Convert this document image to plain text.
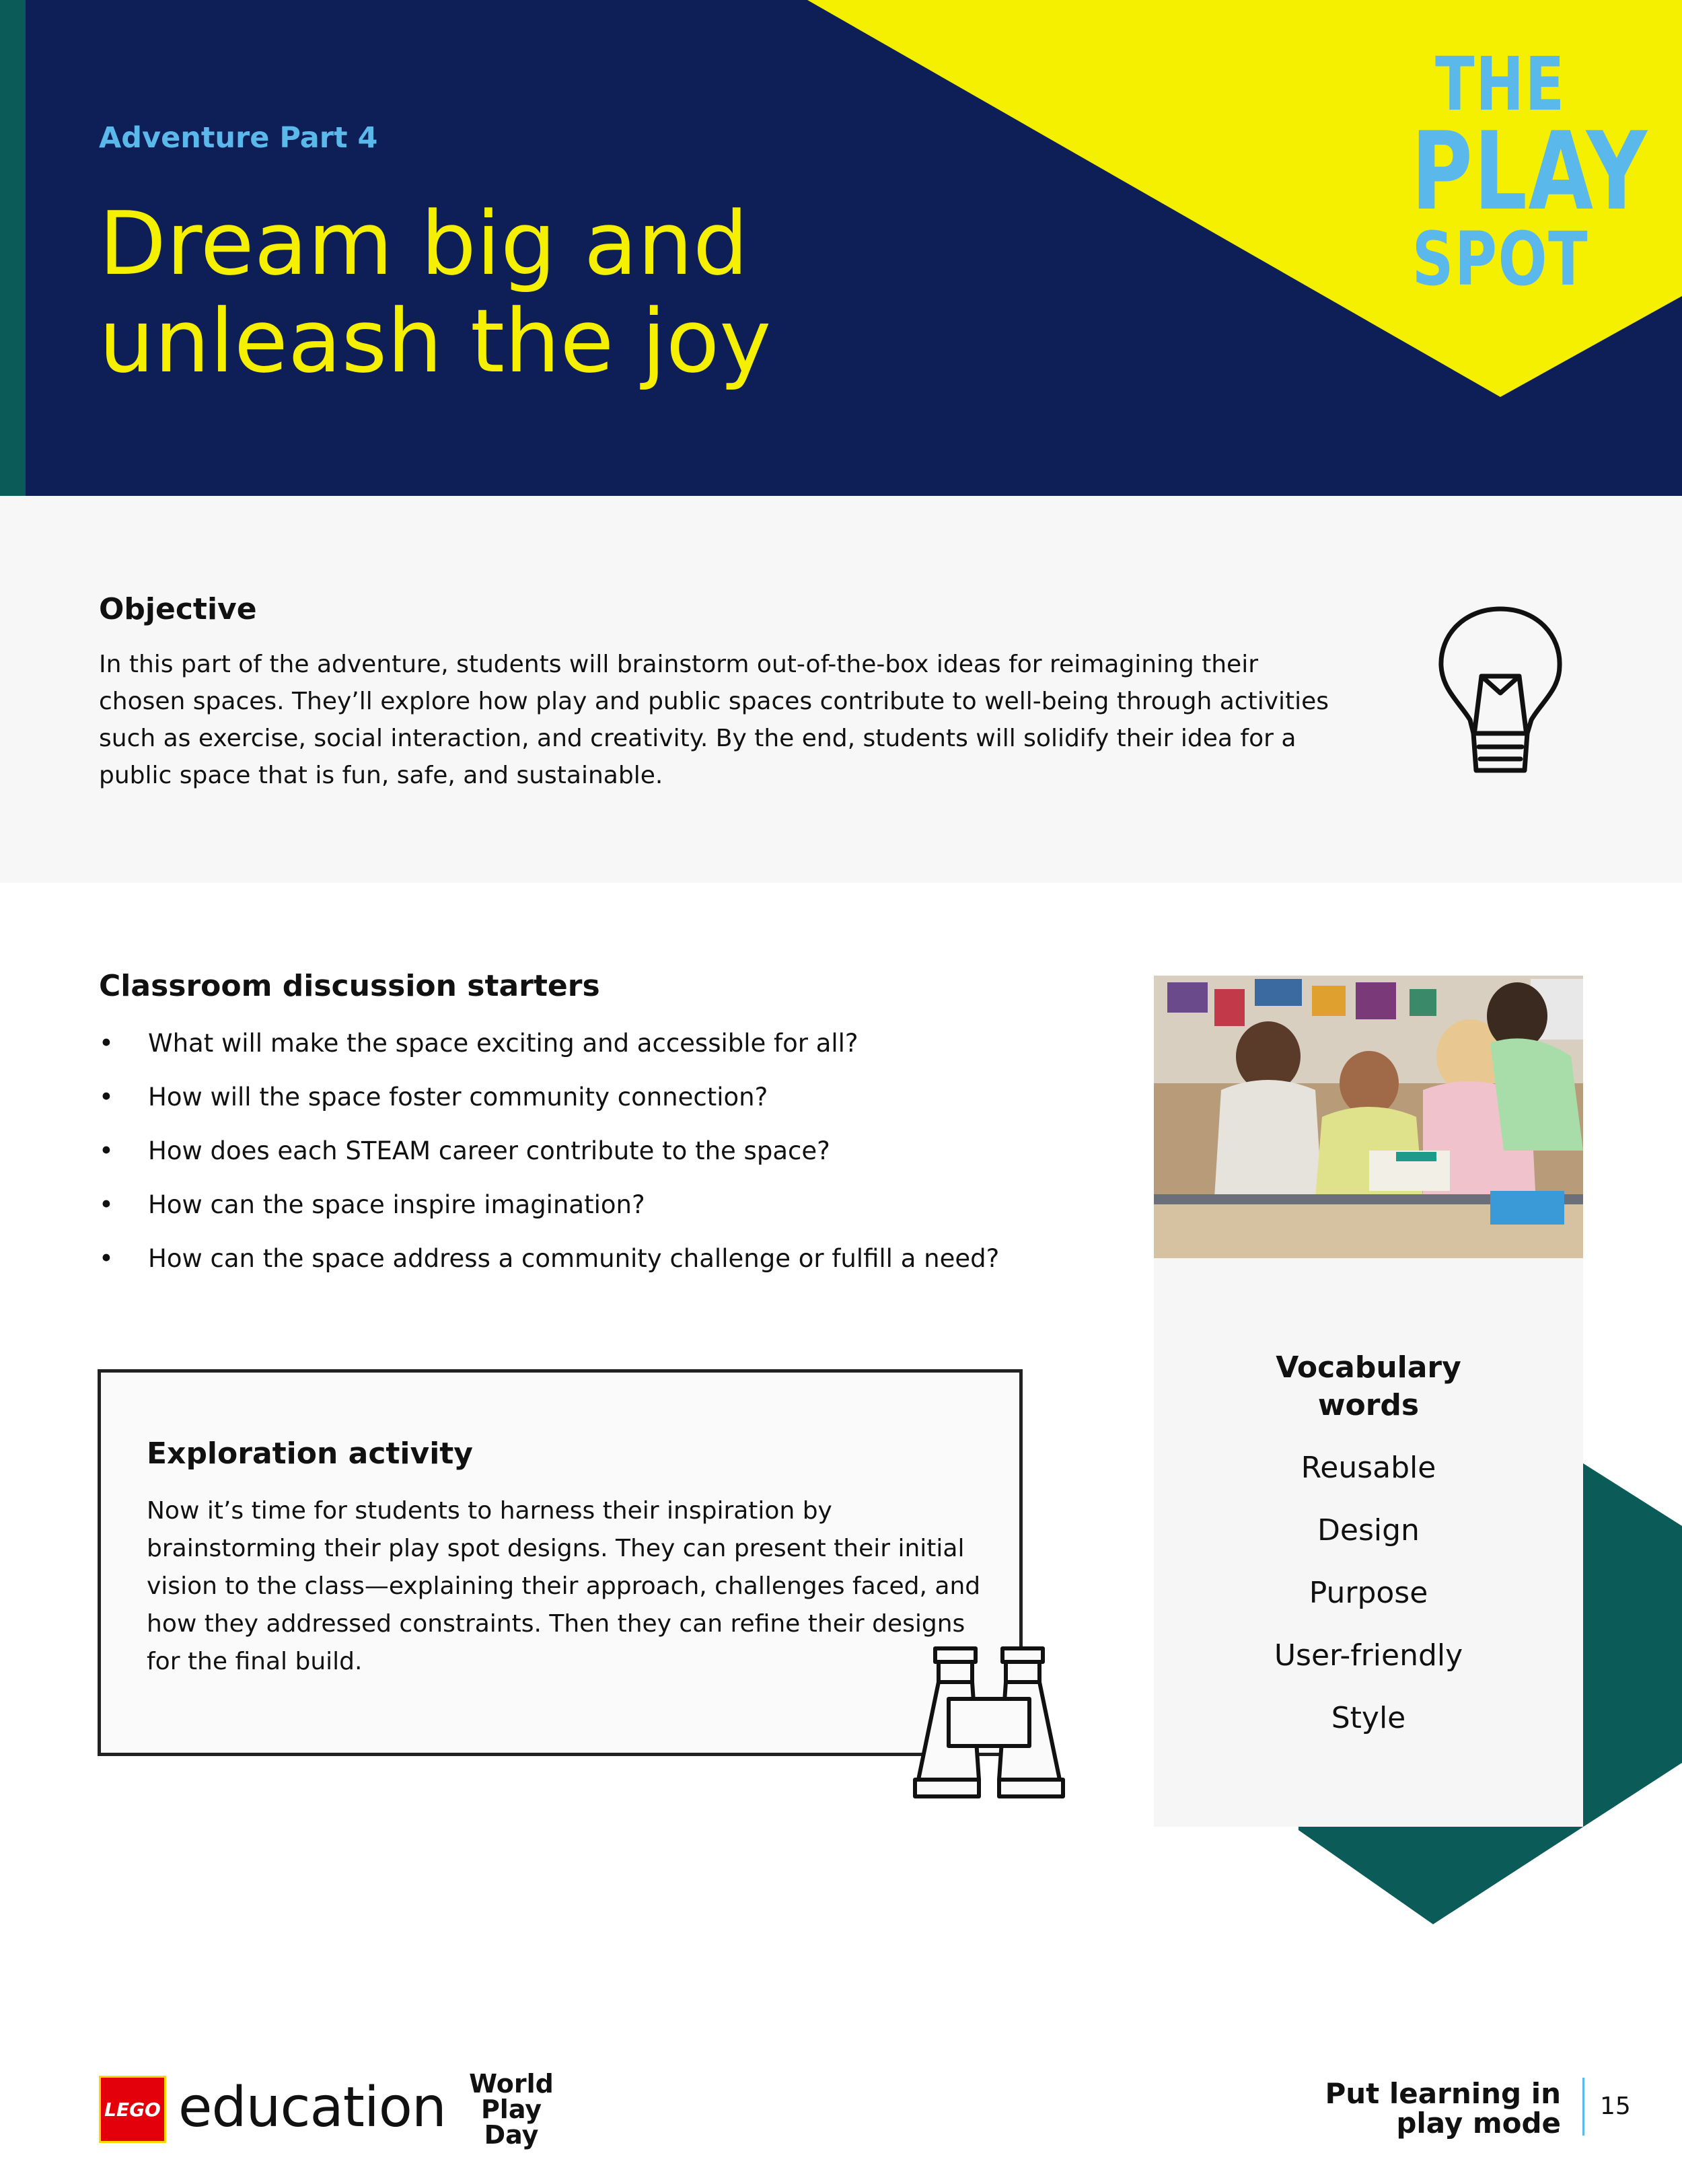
Adventure Part 4
Dream big and
unleash the joy
THE
PLAY
SPOT
Objective
In this part of the adventure, students will brainstorm out-of-the-box ideas for reimagining their chosen spaces. They’ll explore how play and public spaces contribute to well-being through activities such as exercise, social interaction, and creativity. By the end, students will solidify their idea for a public space that is fun, safe, and sustainable.
Classroom discussion starters
• What will make the space exciting and accessible for all?
• How will the space foster community connection?
• How does each STEAM career contribute to the space?
• How can the space inspire imagination?
• How can the space address a community challenge or fulfill a need?
Exploration activity
Now it’s time for students to harness their inspiration by brainstorming their play spot designs. They can present their initial vision to the class—explaining their approach, challenges faced, and how they addressed constraints. Then they can refine their designs for the final build.
Vocabulary
words
Reusable
Design
Purpose
User-friendly
Style
LEGO education World
Play
Day
Put learning in
play mode
15
